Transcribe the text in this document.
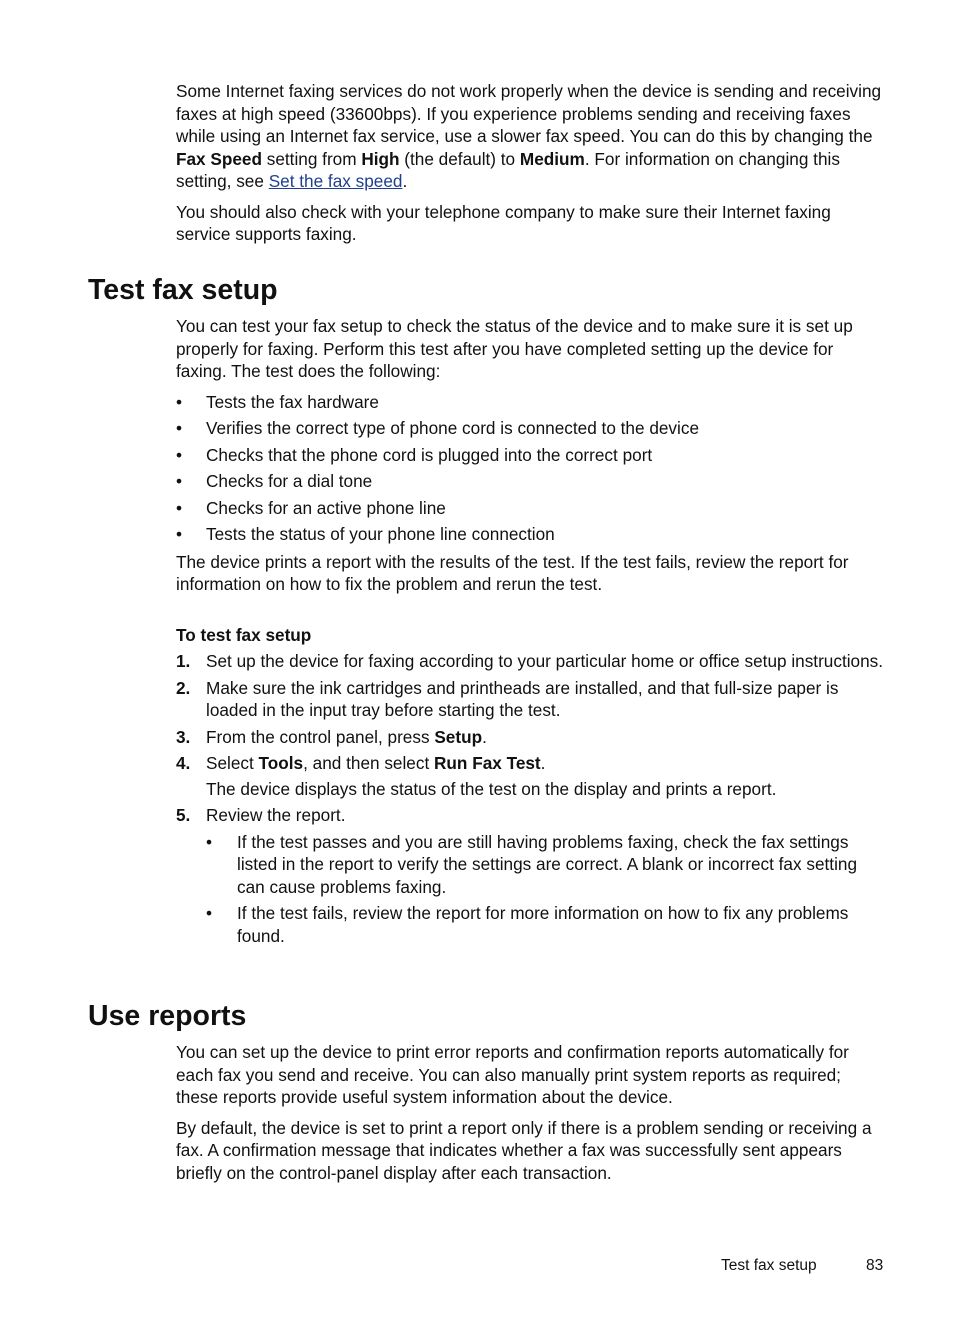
Some Internet faxing services do not work properly when the device is sending and receiving faxes at high speed (33600bps). If you experience problems sending and receiving faxes while using an Internet fax service, use a slower fax speed. You can do this by changing the Fax Speed setting from High (the default) to Medium. For information on changing this setting, see Set the fax speed.

You should also check with your telephone company to make sure their Internet faxing service supports faxing.

Test fax setup

You can test your fax setup to check the status of the device and to make sure it is set up properly for faxing. Perform this test after you have completed setting up the device for faxing. The test does the following:

• Tests the fax hardware
• Verifies the correct type of phone cord is connected to the device
• Checks that the phone cord is plugged into the correct port
• Checks for a dial tone
• Checks for an active phone line
• Tests the status of your phone line connection

The device prints a report with the results of the test. If the test fails, review the report for information on how to fix the problem and rerun the test.

To test fax setup

1. Set up the device for faxing according to your particular home or office setup instructions.
2. Make sure the ink cartridges and printheads are installed, and that full-size paper is loaded in the input tray before starting the test.
3. From the control panel, press Setup.
4. Select Tools, and then select Run Fax Test.

The device displays the status of the test on the display and prints a report.

5. Review the report.
• If the test passes and you are still having problems faxing, check the fax settings listed in the report to verify the settings are correct. A blank or incorrect fax setting can cause problems faxing.
• If the test fails, review the report for more information on how to fix any problems found.
Use reports

You can set up the device to print error reports and confirmation reports automatically for each fax you send and receive. You can also manually print system reports as required; these reports provide useful system information about the device.

By default, the device is set to print a report only if there is a problem sending or receiving a fax. A confirmation message that indicates whether a fax was successfully sent appears briefly on the control-panel display after each transaction.

Test fax setup	83
